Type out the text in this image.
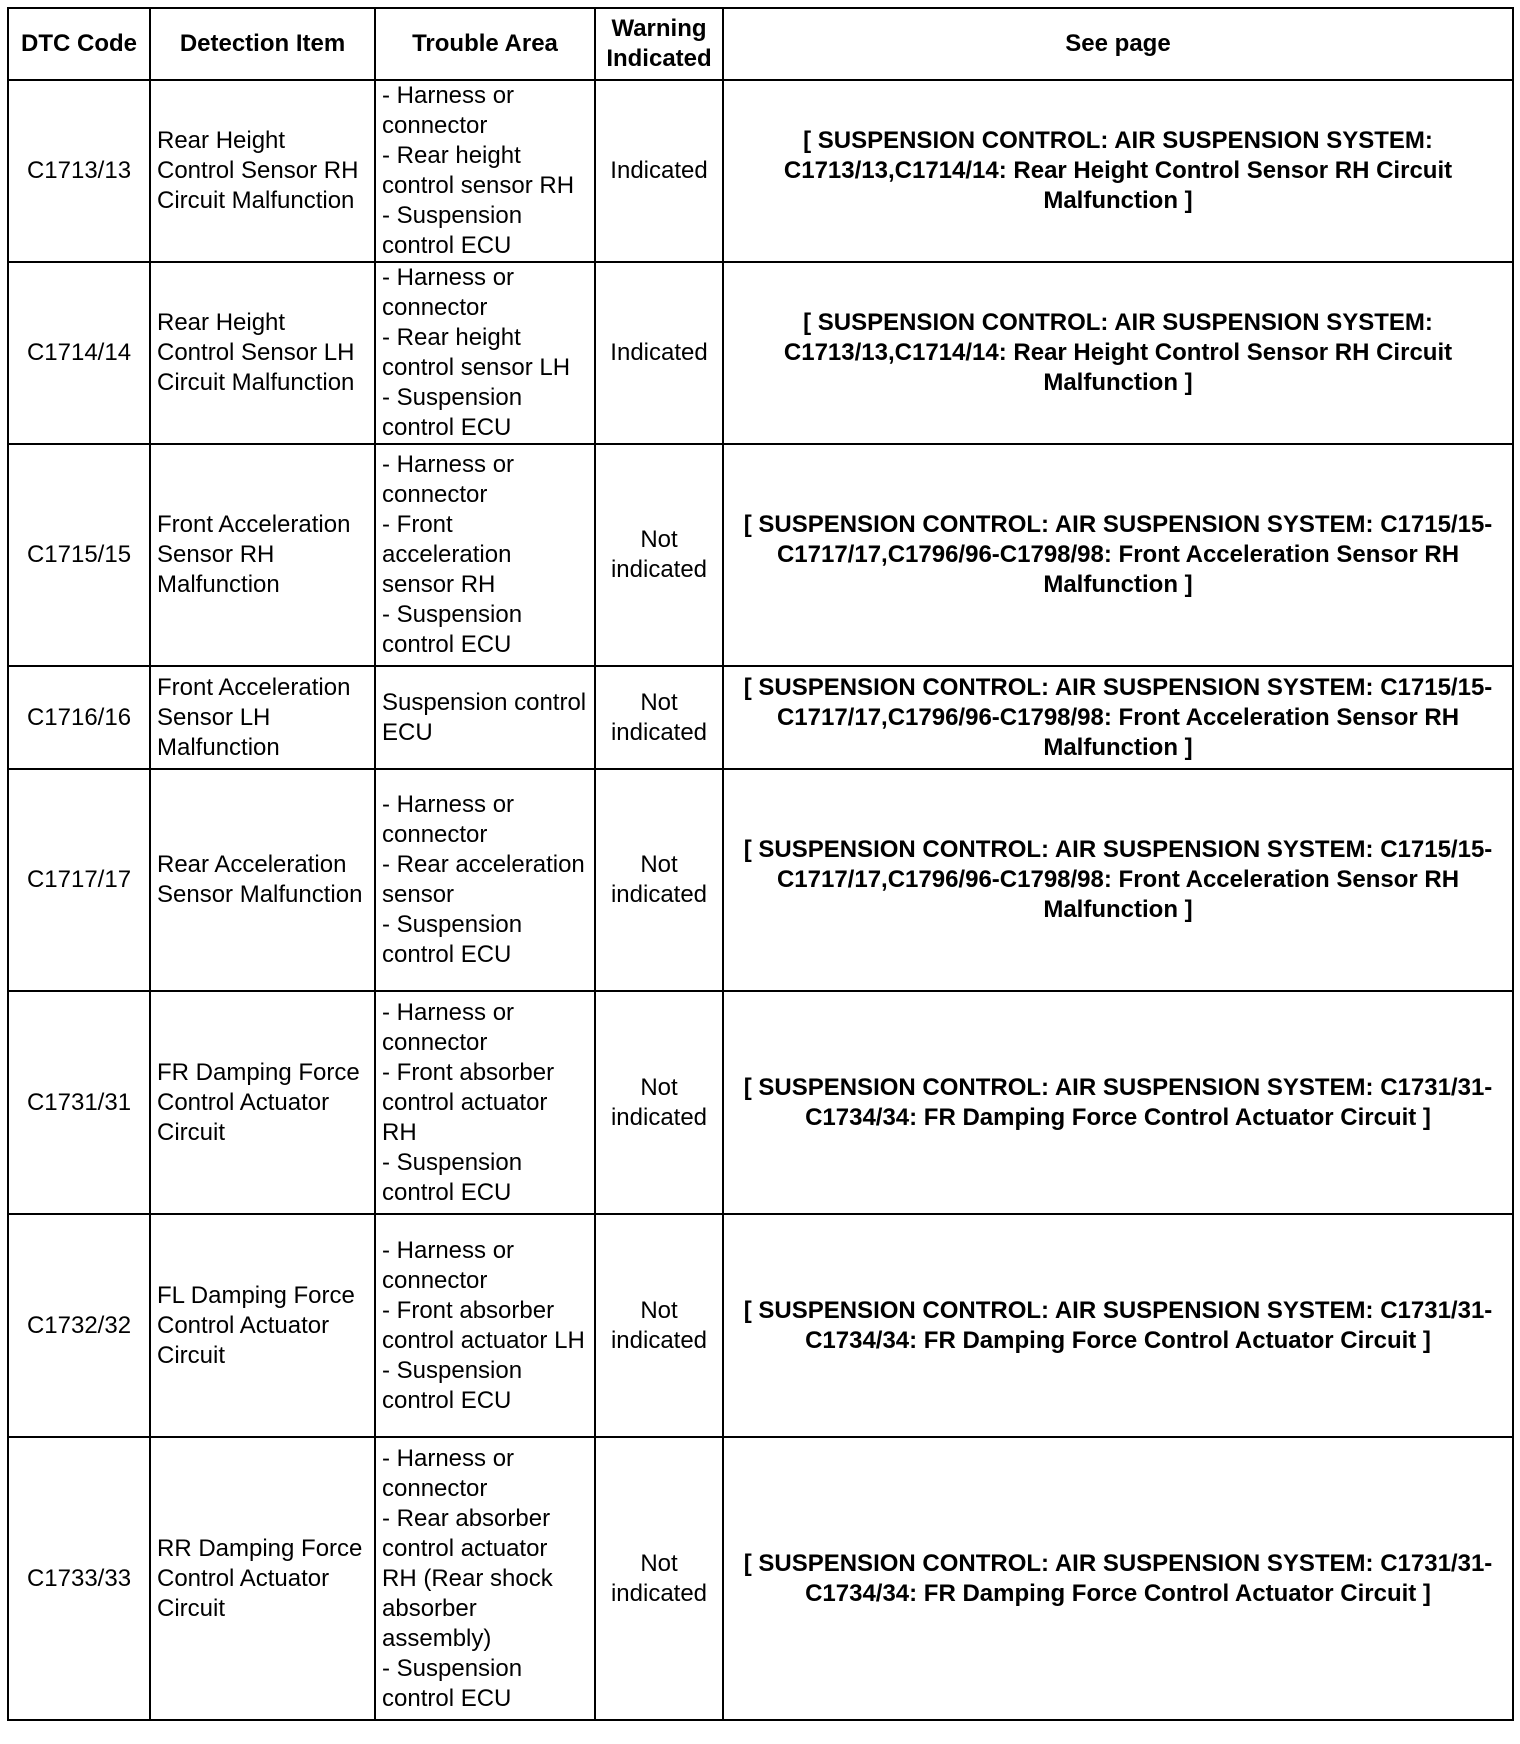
DTC Code	Detection Item	Trouble Area	Warning Indicated	See page
C1713/13	Rear Height Control Sensor RH Circuit Malfunction	- Harness or connector
- Rear height control sensor RH
- Suspension control ECU	Indicated	[ SUSPENSION CONTROL: AIR SUSPENSION SYSTEM: C1713/13,C1714/14: Rear Height Control Sensor RH Circuit Malfunction ]
C1714/14	Rear Height Control Sensor LH Circuit Malfunction	- Harness or connector
- Rear height control sensor LH
- Suspension control ECU	Indicated	[ SUSPENSION CONTROL: AIR SUSPENSION SYSTEM: C1713/13,C1714/14: Rear Height Control Sensor RH Circuit Malfunction ]
C1715/15	Front Acceleration Sensor RH Malfunction	- Harness or connector
- Front acceleration sensor RH
- Suspension control ECU	Not indicated	[ SUSPENSION CONTROL: AIR SUSPENSION SYSTEM: C1715/15-C1717/17,C1796/96-C1798/98: Front Acceleration Sensor RH Malfunction ]
C1716/16	Front Acceleration Sensor LH Malfunction	Suspension control ECU	Not indicated	[ SUSPENSION CONTROL: AIR SUSPENSION SYSTEM: C1715/15-C1717/17,C1796/96-C1798/98: Front Acceleration Sensor RH Malfunction ]
C1717/17	Rear Acceleration Sensor Malfunction	- Harness or connector
- Rear acceleration sensor
- Suspension control ECU	Not indicated	[ SUSPENSION CONTROL: AIR SUSPENSION SYSTEM: C1715/15-C1717/17,C1796/96-C1798/98: Front Acceleration Sensor RH Malfunction ]
C1731/31	FR Damping Force Control Actuator Circuit	- Harness or connector
- Front absorber control actuator RH
- Suspension control ECU	Not indicated	[ SUSPENSION CONTROL: AIR SUSPENSION SYSTEM: C1731/31-C1734/34: FR Damping Force Control Actuator Circuit ]
C1732/32	FL Damping Force Control Actuator Circuit	- Harness or connector
- Front absorber control actuator LH
- Suspension control ECU	Not indicated	[ SUSPENSION CONTROL: AIR SUSPENSION SYSTEM: C1731/31-C1734/34: FR Damping Force Control Actuator Circuit ]
C1733/33	RR Damping Force Control Actuator Circuit	- Harness or connector
- Rear absorber control actuator RH (Rear shock absorber assembly)
- Suspension control ECU	Not indicated	[ SUSPENSION CONTROL: AIR SUSPENSION SYSTEM: C1731/31-C1734/34: FR Damping Force Control Actuator Circuit ]
